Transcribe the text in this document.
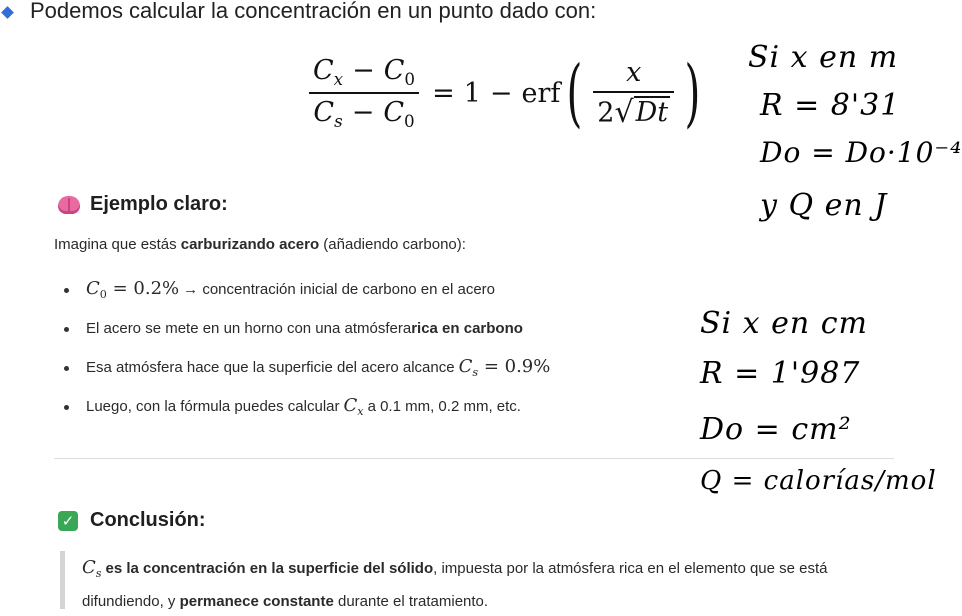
Podemos calcular la concentración en un punto dado con:
$\frac{C_x - C_0}{C_s - C_0} = 1$ − erf ( $\frac{x}{2 √ Dt}$ )
Ejemplo claro:
Imagina que estás carburizando acero (añadiendo carbono):
$C_0 = 0.2\%$ → concentración inicial de carbono en el acero
El acero se mete en un horno con una atmósfera rica en carbono
Esa atmósfera hace que la superficie del acero alcance $C_s = 0.9\%$
Luego, con la fórmula puedes calcular $C_x$ a 0.1 mm, 0.2 mm, etc.
✓ Conclusión:
$C_s$ es la concentración en la superficie del sólido, impuesta por la atmósfera rica en el elemento que se está difundiendo, y permanece constante durante el tratamiento.
Si x en m
R = 8'31
Do = Do·10⁻⁴
y Q en J
Si x en cm
R = 1'987
Do = cm²
Q = calorías/mol
